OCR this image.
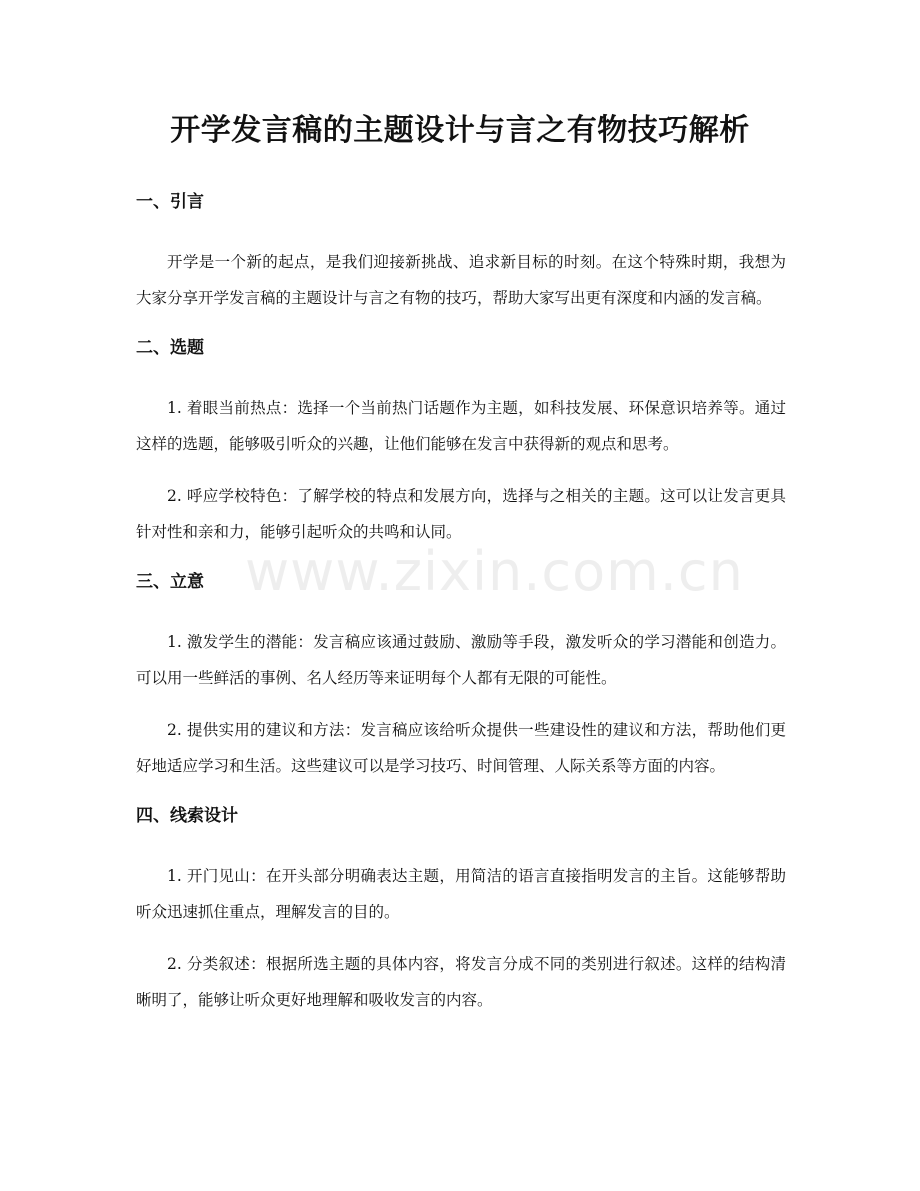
开学发言稿的主题设计与言之有物技巧解析
一、引言

开学是一个新的起点，是我们迎接新挑战、追求新目标的时刻。在这个特殊时期，我想为大家分享开学发言稿的主题设计与言之有物的技巧，帮助大家写出更有深度和内涵的发言稿。

二、选题

1. 着眼当前热点：选择一个当前热门话题作为主题，如科技发展、环保意识培养等。通过这样的选题，能够吸引听众的兴趣，让他们能够在发言中获得新的观点和思考。

2. 呼应学校特色：了解学校的特点和发展方向，选择与之相关的主题。这可以让发言更具针对性和亲和力，能够引起听众的共鸣和认同。

三、立意

1. 激发学生的潜能：发言稿应该通过鼓励、激励等手段，激发听众的学习潜能和创造力。可以用一些鲜活的事例、名人经历等来证明每个人都有无限的可能性。

2. 提供实用的建议和方法：发言稿应该给听众提供一些建设性的建议和方法，帮助他们更好地适应学习和生活。这些建议可以是学习技巧、时间管理、人际关系等方面的内容。

四、线索设计

1. 开门见山：在开头部分明确表达主题，用简洁的语言直接指明发言的主旨。这能够帮助听众迅速抓住重点，理解发言的目的。

2. 分类叙述：根据所选主题的具体内容，将发言分成不同的类别进行叙述。这样的结构清晰明了，能够让听众更好地理解和吸收发言的内容。

www.zixin.com.cn
